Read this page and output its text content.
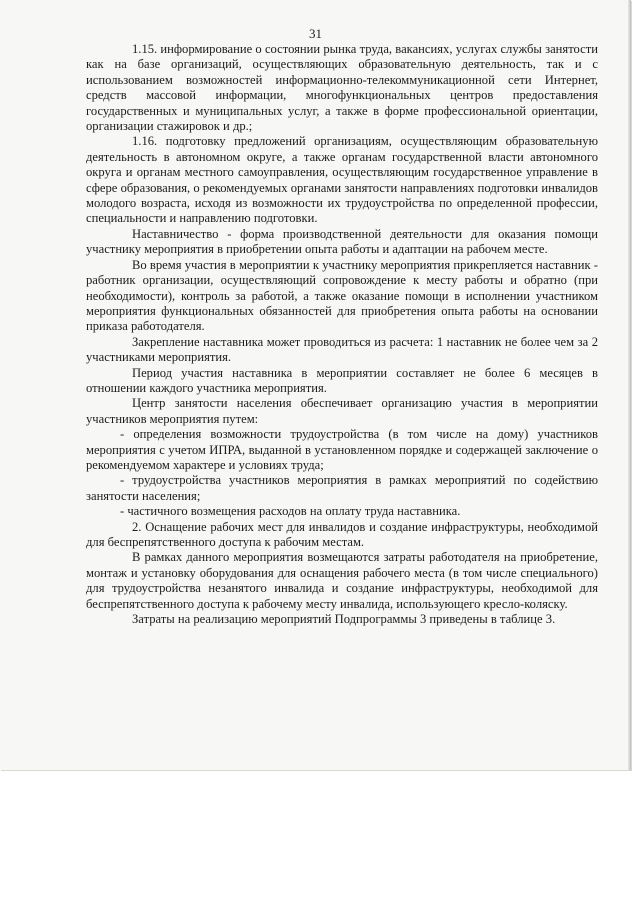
31

1.15. информирование о состоянии рынка труда, вакансиях, услугах службы занятости как на базе организаций, осуществляющих образовательную деятельность, так и с использованием возможностей информационно-телекоммуникационной сети Интернет, средств массовой информации, многофункциональных центров предоставления государственных и муниципальных услуг, а также в форме профессиональной ориентации, организации стажировок и др.;

1.16. подготовку предложений организациям, осуществляющим образовательную деятельность в автономном округе, а также органам государственной власти автономного округа и органам местного самоуправления, осуществляющим государственное управление в сфере образования, о рекомендуемых органами занятости направлениях подготовки инвалидов молодого возраста, исходя из возможности их трудоустройства по определенной профессии, специальности и направлению подготовки.

Наставничество - форма производственной деятельности для оказания помощи участнику мероприятия в приобретении опыта работы и адаптации на рабочем месте.

Во время участия в мероприятии к участнику мероприятия прикрепляется наставник - работник организации, осуществляющий сопровождение к месту работы и обратно (при необходимости), контроль за работой, а также оказание помощи в исполнении участником мероприятия функциональных обязанностей для приобретения опыта работы на основании приказа работодателя.

Закрепление наставника может проводиться из расчета: 1 наставник не более чем за 2 участниками мероприятия.

Период участия наставника в мероприятии составляет не более 6 месяцев в отношении каждого участника мероприятия.

Центр занятости населения обеспечивает организацию участия в мероприятии участников мероприятия путем:

- определения возможности трудоустройства (в том числе на дому) участников мероприятия с учетом ИПРА, выданной в установленном порядке и содержащей заключение о рекомендуемом характере и условиях труда;

- трудоустройства участников мероприятия в рамках мероприятий по содействию занятости населения;

- частичного возмещения расходов на оплату труда наставника.

2. Оснащение рабочих мест для инвалидов и создание инфраструктуры, необходимой для беспрепятственного доступа к рабочим местам.

В рамках данного мероприятия возмещаются затраты работодателя на приобретение, монтаж и установку оборудования для оснащения рабочего места (в том числе специального) для трудоустройства незанятого инвалида и создание инфраструктуры, необходимой для беспрепятственного доступа к рабочему месту инвалида, использующего кресло-коляску.

Затраты на реализацию мероприятий Подпрограммы 3 приведены в таблице 3.
